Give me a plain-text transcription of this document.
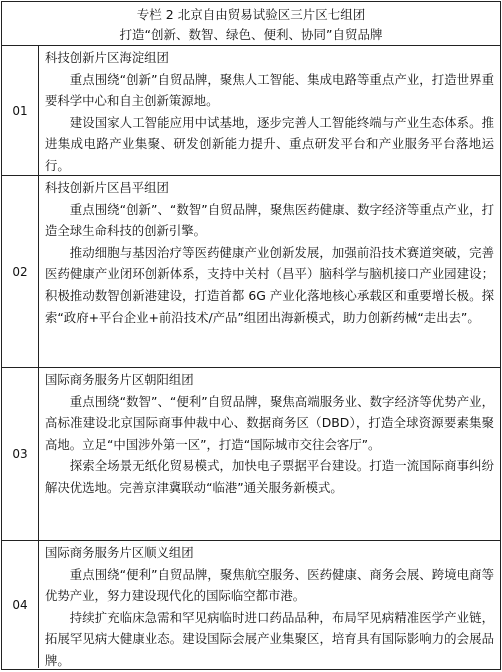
专栏 2 北京自由贸易试验区三片区七组团
打造“创新、数智、绿色、便利、协同”自贸品牌
01

科技创新片区海淀组团

重点围绕“创新”自贸品牌，聚焦人工智能、集成电路等重点产业，打造世界重要科学中心和自主创新策源地。

建设国家人工智能应用中试基地，逐步完善人工智能终端与产业生态体系。推进集成电路产业集聚、研发创新能力提升、重点研发平台和产业服务平台落地运行。

02

科技创新片区昌平组团

重点围绕“创新”、“数智”自贸品牌，聚焦医药健康、数字经济等重点产业，打造全球生命科技的创新引擎。

推动细胞与基因治疗等医药健康产业创新发展，加强前沿技术赛道突破，完善医药健康产业闭环创新体系，支持中关村（昌平）脑科学与脑机接口产业园建设；积极推动数智创新港建设，打造首都 6G 产业化落地核心承载区和重要增长极。探索“政府+平台企业+前沿技术/产品”组团出海新模式，助力创新药械“走出去”。

03

国际商务服务片区朝阳组团

重点围绕“数智”、“便利”自贸品牌，聚焦高端服务业、数字经济等优势产业，高标准建设北京国际商事仲裁中心、数据商务区（DBD），打造全球资源要素集聚高地。立足“中国涉外第一区”，打造“国际城市交往会客厅”。

探索全场景无纸化贸易模式，加快电子票据平台建设。打造一流国际商事纠纷解决优选地。完善京津冀联动“临港”通关服务新模式。

04

国际商务服务片区顺义组团

重点围绕“便利”自贸品牌，聚焦航空服务、医药健康、商务会展、跨境电商等优势产业，努力建设现代化的国际临空都市港。

持续扩充临床急需和罕见病临时进口药品品种，布局罕见病精准医学产业链，拓展罕见病大健康业态。建设国际会展产业集聚区，培育具有国际影响力的会展品牌。
